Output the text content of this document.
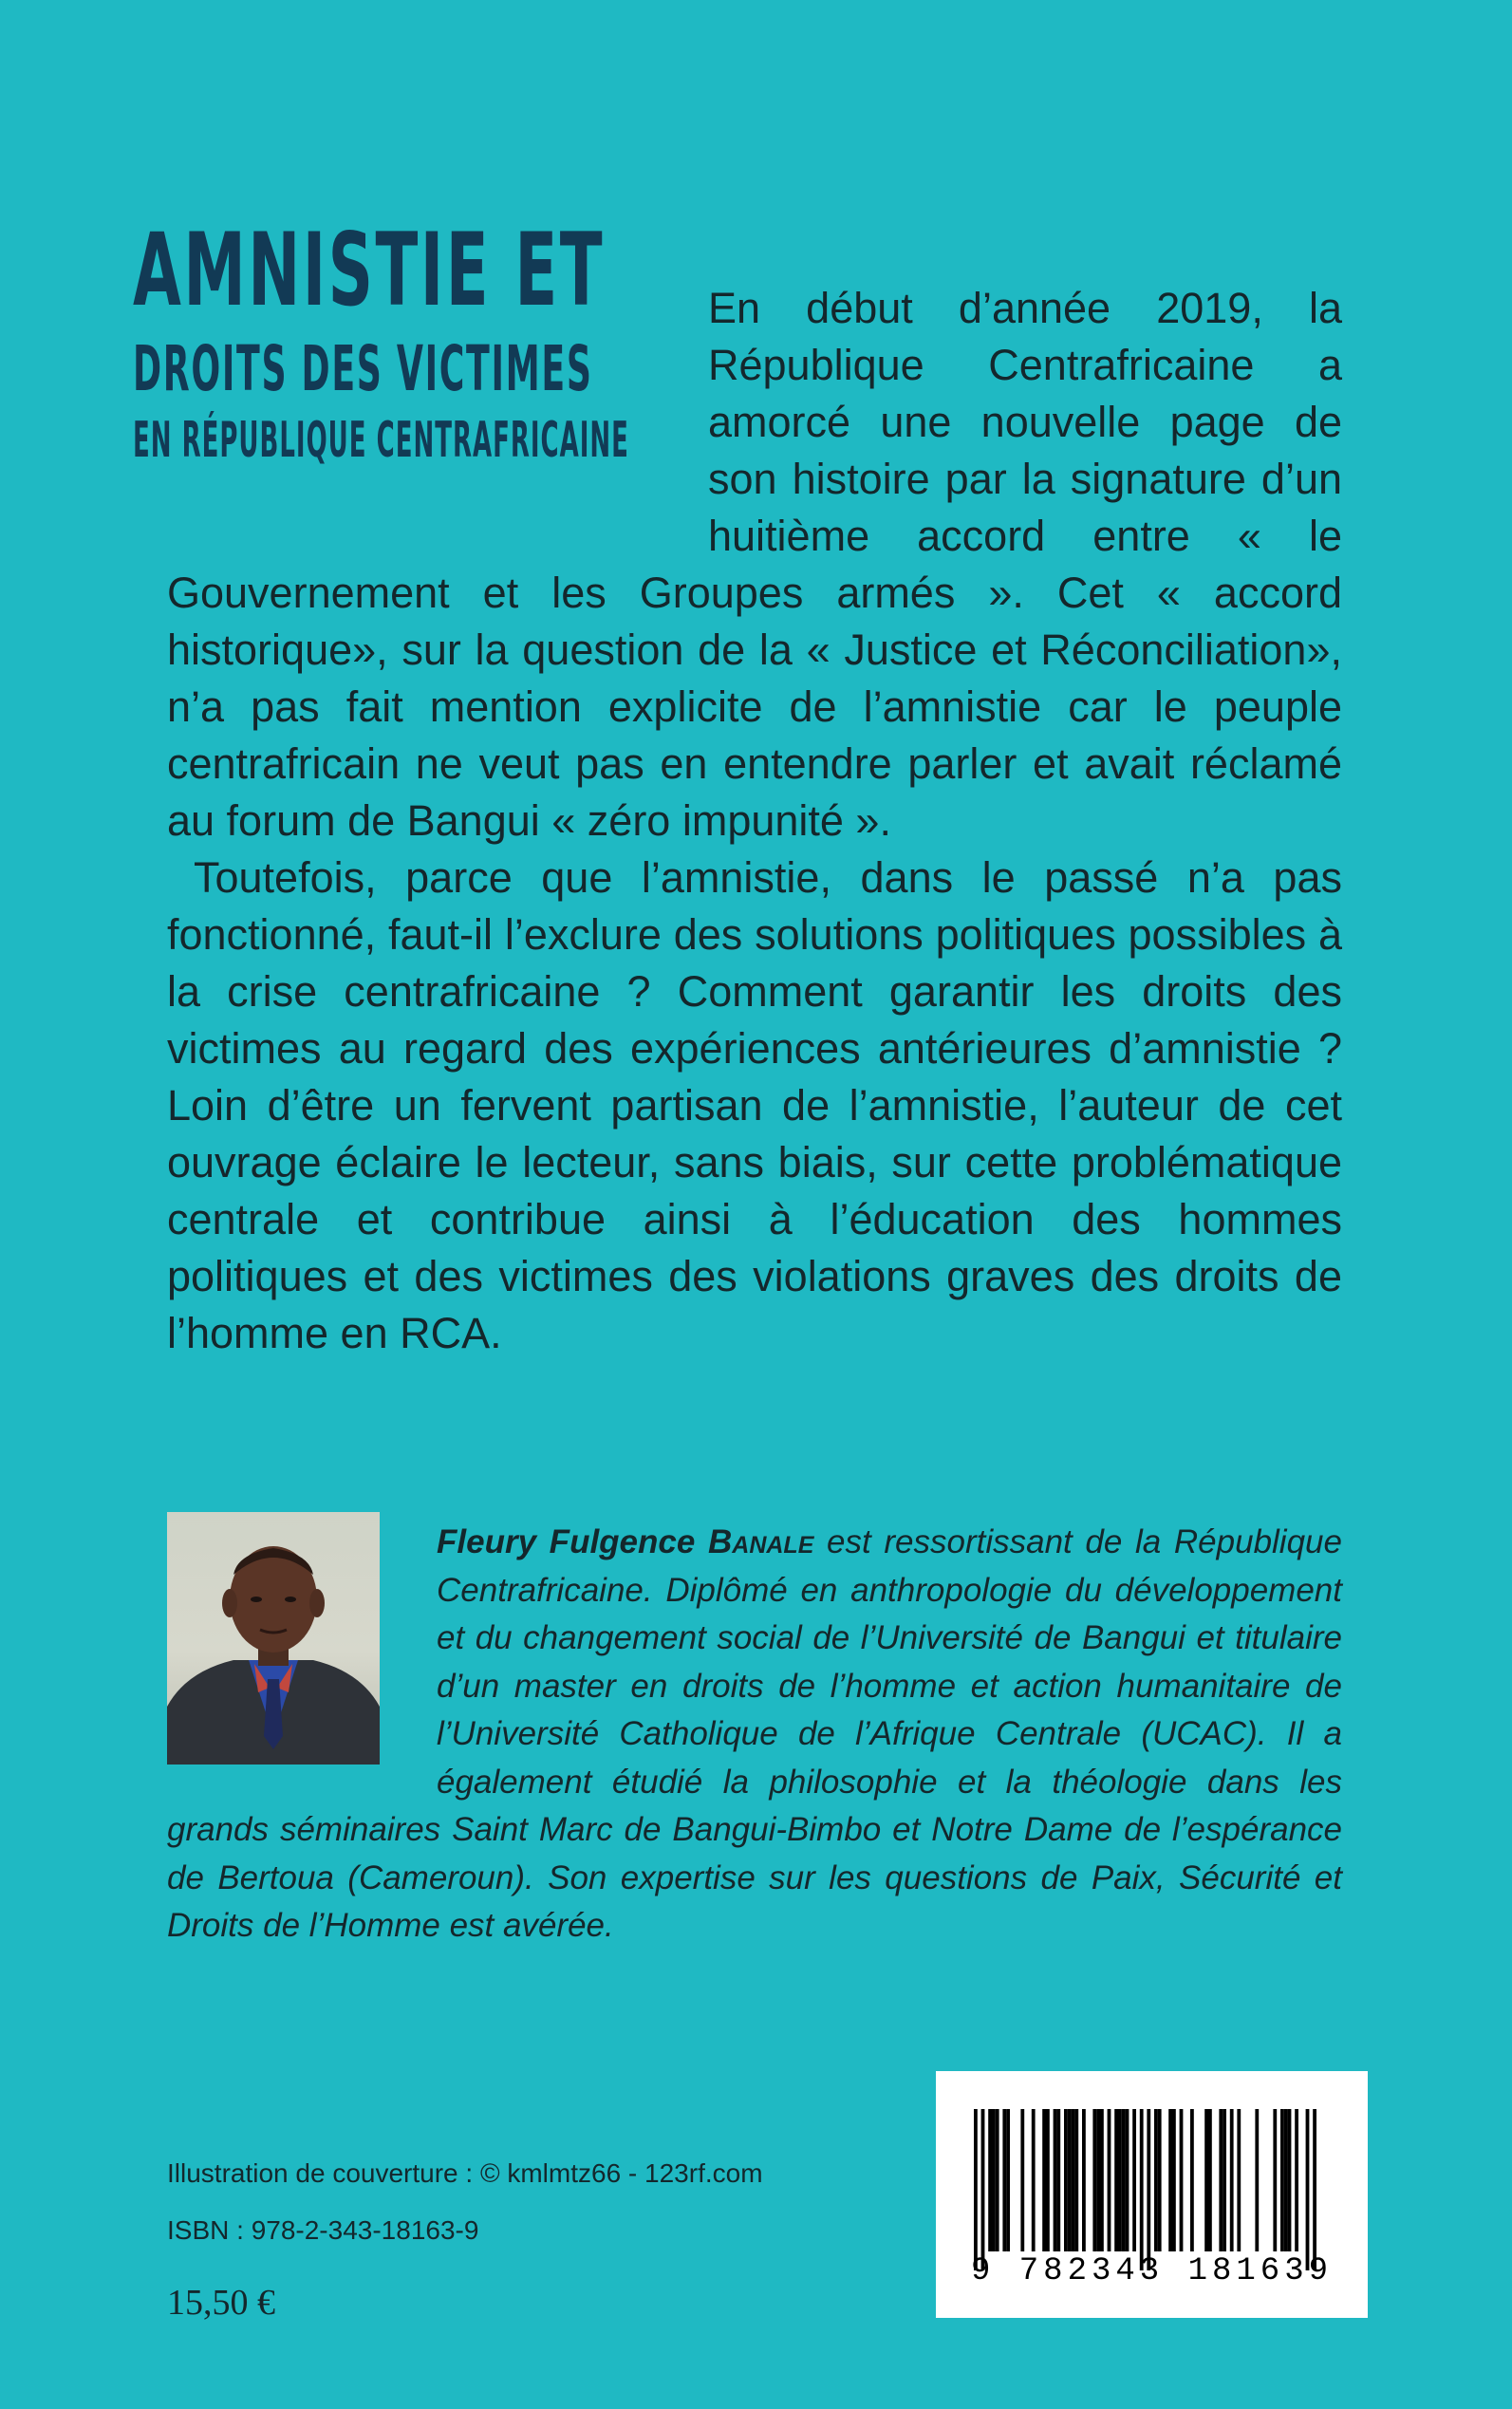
AMNISTIE ET
DROITS DES VICTIMES
EN RÉPUBLIQUE CENTRAFRICAINE

En début d’année 2019, la République Centrafricaine a amorcé une nouvelle page de son histoire par la signature d’un huitième accord entre « le Gouvernement et les Groupes armés ». Cet « accord historique», sur la question de la « Justice et Réconciliation», n’a pas fait mention explicite de l’amnistie car le peuple centrafricain ne veut pas en entendre parler et avait réclamé au forum de Bangui « zéro impunité ».

Toutefois, parce que l’amnistie, dans le passé n’a pas fonctionné, faut-il l’exclure des solutions politiques possibles à la crise centrafricaine ? Comment garantir les droits des victimes au regard des expériences antérieures d’amnistie ? Loin d’être un fervent partisan de l’amnistie, l’auteur de cet ouvrage éclaire le lecteur, sans biais, sur cette problématique centrale et contribue ainsi à l’éducation des hommes politiques et des victimes des violations graves des droits de l’homme en RCA.

Fleury Fulgence Banale est ressortissant de la République Centrafricaine. Diplômé en anthropologie du développement et du changement social de l’Université de Bangui et titulaire d’un master en droits de l’homme et action humanitaire de l’Université Catholique de l’Afrique Centrale (UCAC). Il a également étudié la philosophie et la théologie dans les grands séminaires Saint Marc de Bangui-Bimbo et Notre Dame de l’espérance de Bertoua (Cameroun). Son expertise sur les questions de Paix, Sécurité et Droits de l’Homme est avérée.
Illustration de couverture : © kmlmtz66 - 123rf.com
ISBN : 978-2-343-18163-9
15,50 €
9 782343 181639
